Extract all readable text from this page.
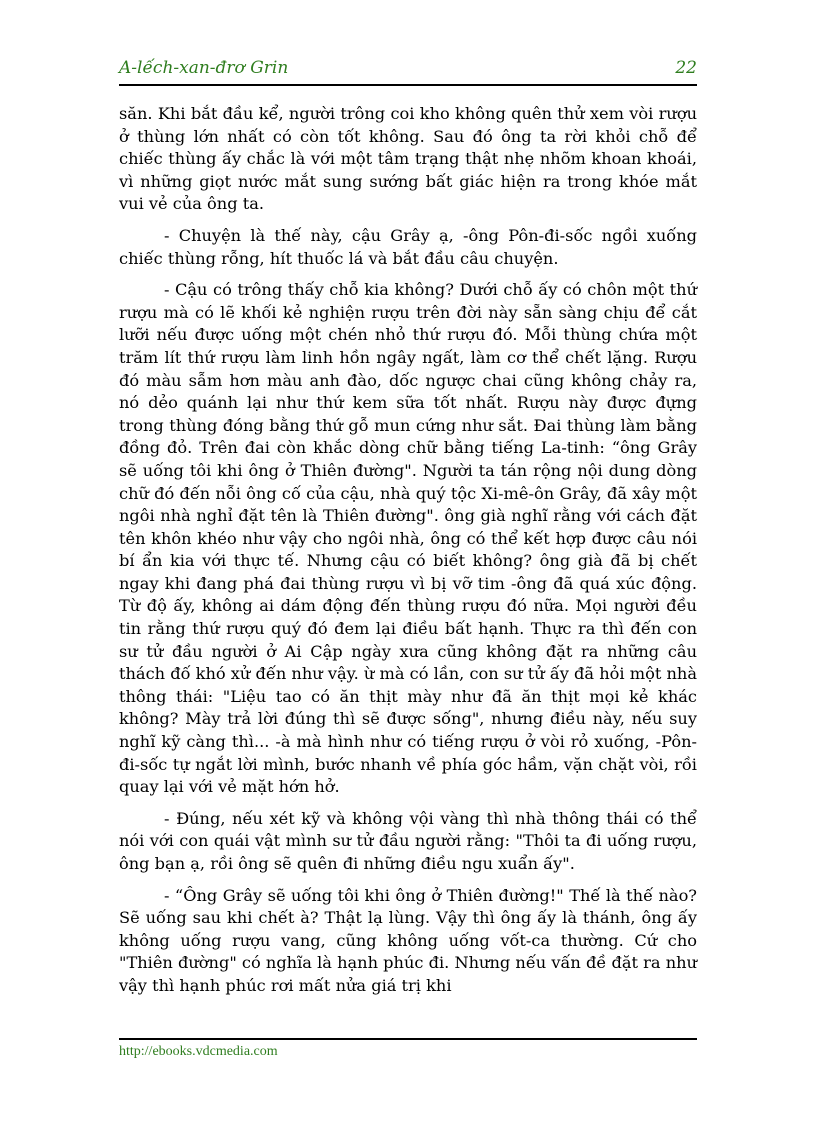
A-lếch-xan-đrơ Grin	22

săn. Khi bắt đầu kể, người trông coi kho không quên thử xem vòi rượu ở thùng lớn nhất có còn tốt không. Sau đó ông ta rời khỏi chỗ để chiếc thùng ấy chắc là với một tâm trạng thật nhẹ nhõm khoan khoái, vì những giọt nước mắt sung sướng bất giác hiện ra trong khóe mắt vui vẻ của ông ta.

- Chuyện là thế này, cậu Grây ạ, -ông Pôn-đi-sốc ngồi xuống chiếc thùng rỗng, hít thuốc lá và bắt đầu câu chuyện.

- Cậu có trông thấy chỗ kia không? Dưới chỗ ấy có chôn một thứ rượu mà có lẽ khối kẻ nghiện rượu trên đời này sẵn sàng chịu để cắt lưỡi nếu được uống một chén nhỏ thứ rượu đó. Mỗi thùng chứa một trăm lít thứ rượu làm linh hồn ngây ngất, làm cơ thể chết lặng. Rượu đó màu sẫm hơn màu anh đào, dốc ngược chai cũng không chảy ra, nó dẻo quánh lại như thứ kem sữa tốt nhất. Rượu này được đựng trong thùng đóng bằng thứ gỗ mun cứng như sắt. Đai thùng làm bằng đồng đỏ. Trên đai còn khắc dòng chữ bằng tiếng La-tinh: “ông Grây sẽ uống tôi khi ông ở Thiên đường". Người ta tán rộng nội dung dòng chữ đó đến nỗi ông cố của cậu, nhà quý tộc Xi-mê-ôn Grây, đã xây một ngôi nhà nghỉ đặt tên là Thiên đường". ông già nghĩ rằng với cách đặt tên khôn khéo như vậy cho ngôi nhà, ông có thể kết hợp được câu nói bí ẩn kia với thực tế. Nhưng cậu có biết không? ông già đã bị chết ngay khi đang phá đai thùng rượu vì bị vỡ tim -ông đã quá xúc động. Từ độ ấy, không ai dám động đến thùng rượu đó nữa. Mọi người đều tin rằng thứ rượu quý đó đem lại điều bất hạnh. Thực ra thì đến con sư tử đầu người ở Ai Cập ngày xưa cũng không đặt ra những câu thách đố khó xử đến như vậy. ừ mà có lần, con sư tử ấy đã hỏi một nhà thông thái: "Liệu tao có ăn thịt mày như đã ăn thịt mọi kẻ khác không? Mày trả lời đúng thì sẽ được sống", nhưng điều này, nếu suy nghĩ kỹ càng thì... -à mà hình như có tiếng rượu ở vòi rỏ xuống, -Pôn-đi-sốc tự ngắt lời mình, bước nhanh về phía góc hầm, vặn chặt vòi, rồi quay lại với vẻ mặt hớn hở.

- Đúng, nếu xét kỹ và không vội vàng thì nhà thông thái có thể nói với con quái vật mình sư tử đầu người rằng: "Thôi ta đi uống rượu, ông bạn ạ, rồi ông sẽ quên đi những điều ngu xuẩn ấy".

- “Ông Grây sẽ uống tôi khi ông ở Thiên đường!" Thế là thế nào? Sẽ uống sau khi chết à? Thật lạ lùng. Vậy thì ông ấy là thánh, ông ấy không uống rượu vang, cũng không uống vốt-ca thường. Cứ cho "Thiên đường" có nghĩa là hạnh phúc đi. Nhưng nếu vấn đề đặt ra như vậy thì hạnh phúc rơi mất nửa giá trị khi

http://ebooks.vdcmedia.com
